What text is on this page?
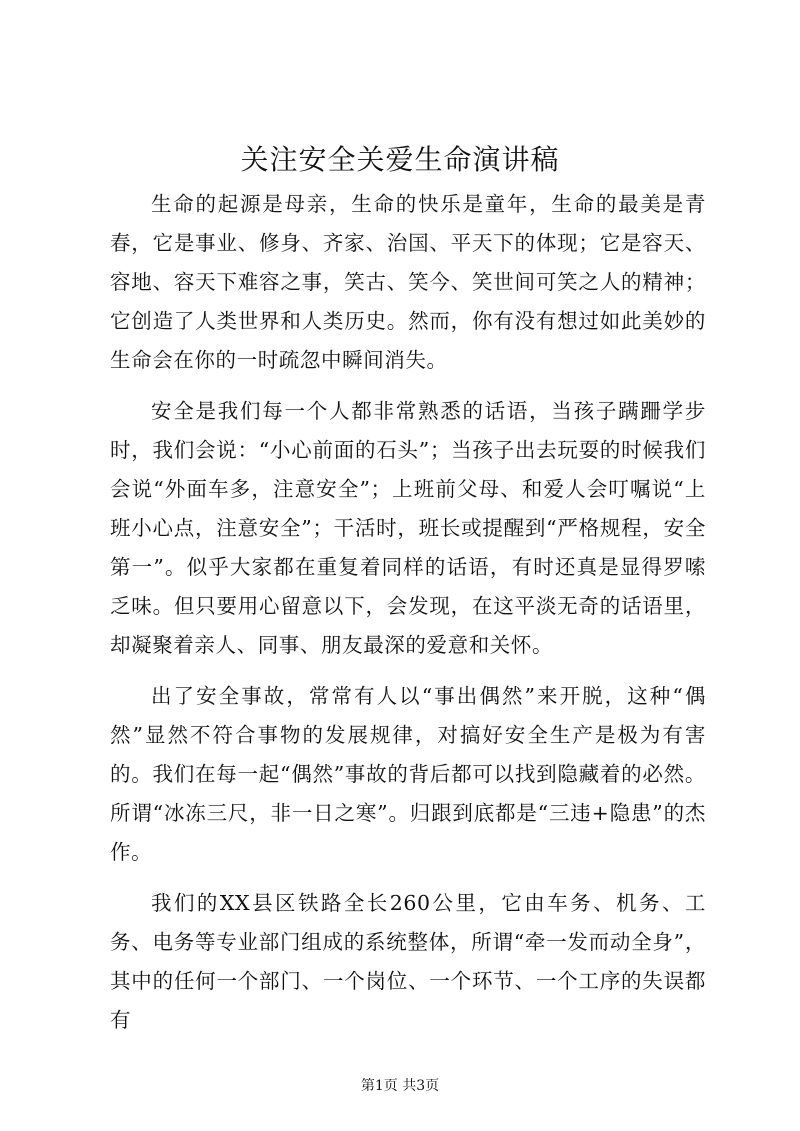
关注安全关爱生命演讲稿

生命的起源是母亲，生命的快乐是童年，生命的最美是青春，它是事业、修身、齐家、治国、平天下的体现；它是容天、容地、容天下难容之事，笑古、笑今、笑世间可笑之人的精神；它创造了人类世界和人类历史。然而，你有没有想过如此美妙的生命会在你的一时疏忽中瞬间消失。

安全是我们每一个人都非常熟悉的话语，当孩子蹒跚学步时，我们会说：“小心前面的石头”；当孩子出去玩耍的时候我们会说“外面车多，注意安全”；上班前父母、和爱人会叮嘱说“上班小心点，注意安全”；干活时，班长或提醒到“严格规程，安全第一”。似乎大家都在重复着同样的话语，有时还真是显得罗嗦乏味。但只要用心留意以下，会发现，在这平淡无奇的话语里，却凝聚着亲人、同事、朋友最深的爱意和关怀。

出了安全事故，常常有人以“事出偶然”来开脱，这种“偶然”显然不符合事物的发展规律，对搞好安全生产是极为有害的。我们在每一起“偶然”事故的背后都可以找到隐藏着的必然。所谓“冰冻三尺，非一日之寒”。归跟到底都是“三违+隐患”的杰作。

我们的XX县区铁路全长260公里，它由车务、机务、工务、电务等专业部门组成的系统整体，所谓“牵一发而动全身”，其中的任何一个部门、一个岗位、一个环节、一个工序的失误都有

第1页 共3页
